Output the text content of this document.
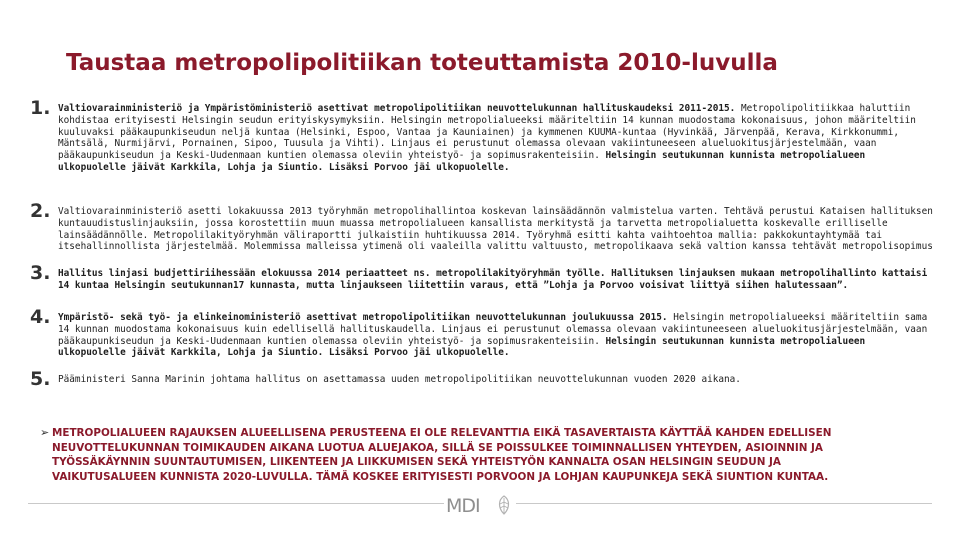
Taustaa metropolipolitiikan toteuttamista 2010-luvulla
1. Valtiovarainministeriö ja Ympäristöministeriö asettivat metropolipolitiikan neuvottelukunnan hallituskaudeksi 2011-2015. Metropolipolitiikkaa haluttiin
kohdistaa erityisesti Helsingin seudun erityiskysymyksiin. Helsingin metropolialueeksi määriteltiin 14 kunnan muodostama kokonaisuus, johon määriteltiin
kuuluvaksi pääkaupunkiseudun neljä kuntaa (Helsinki, Espoo, Vantaa ja Kauniainen) ja kymmenen KUUMA-kuntaa (Hyvinkää, Järvenpää, Kerava, Kirkkonummi,
Mäntsälä, Nurmijärvi, Pornainen, Sipoo, Tuusula ja Vihti). Linjaus ei perustunut olemassa olevaan vakiintuneeseen alueluokitusjärjestelmään, vaan
pääkaupunkiseudun ja Keski-Uudenmaan kuntien olemassa oleviin yhteistyö- ja sopimusrakenteisiin. Helsingin seutukunnan kunnista metropolialueen
ulkopuolelle jäivät Karkkila, Lohja ja Siuntio. Lisäksi Porvoo jäi ulkopuolelle.
2. Valtiovarainministeriö asetti lokakuussa 2013 työryhmän metropolihallintoa koskevan lainsäädännön valmistelua varten. Tehtävä perustui Kataisen hallituksen
kuntauudistuslinjauksiin, jossa korostettiin muun muassa metropolialueen kansallista merkitystä ja tarvetta metropolialuetta koskevalle erilliselle
lainsäädännölle. Metropolilakityöryhmän väliraportti julkaistiin huhtikuussa 2014. Työryhmä esitti kahta vaihtoehtoa mallia: pakkokuntayhtymää tai
itsehallinnollista järjestelmää. Molemmissa malleissa ytimenä oli vaaleilla valittu valtuusto, metropolikaava sekä valtion kanssa tehtävät metropolisopimus
3. Hallitus linjasi budjettiriihessään elokuussa 2014 periaatteet ns. metropolilakityöryhmän työlle. Hallituksen linjauksen mukaan metropolihallinto kattaisi
14 kuntaa Helsingin seutukunnan17 kunnasta, mutta linjaukseen liitettiin varaus, että ”Lohja ja Porvoo voisivat liittyä siihen halutessaan”.
4. Ympäristö- sekä työ- ja elinkeinoministeriö asettivat metropolipolitiikan neuvottelukunnan joulukuussa 2015. Helsingin metropolialueeksi määriteltiin sama
14 kunnan muodostama kokonaisuus kuin edellisellä hallituskaudella. Linjaus ei perustunut olemassa olevaan vakiintuneeseen alueluokitusjärjestelmään, vaan
pääkaupunkiseudun ja Keski-Uudenmaan kuntien olemassa oleviin yhteistyö- ja sopimusrakenteisiin. Helsingin seutukunnan kunnista metropolialueen
ulkopuolelle jäivät Karkkila, Lohja ja Siuntio. Lisäksi Porvoo jäi ulkopuolelle.
5. Pääministeri Sanna Marinin johtama hallitus on asettamassa uuden metropolipolitiikan neuvottelukunnan vuoden 2020 aikana.
➢ METROPOLIALUEEN RAJAUKSEN ALUEELLISENA PERUSTEENA EI OLE RELEVANTTIA EIKÄ TASAVERTAISTA KÄYTTÄÄ KAHDEN EDELLISEN
NEUVOTTELUKUNNAN TOIMIKAUDEN AIKANA LUOTUA ALUEJAKOA, SILLÄ SE POISSULKEE TOIMINNALLISEN YHTEYDEN, ASIOINNIN JA
TYÖSSÄKÄYNNIN SUUNTAUTUMISEN, LIIKENTEEN JA LIIKKUMISEN SEKÄ YHTEISTYÖN KANNALTA OSAN HELSINGIN SEUDUN JA
VAIKUTUSALUEEN KUNNISTA 2020-LUVULLA. TÄMÄ KOSKEE ERITYISESTI PORVOON JA LOHJAN KAUPUNKEJA SEKÄ SIUNTION KUNTAA.
MDI
